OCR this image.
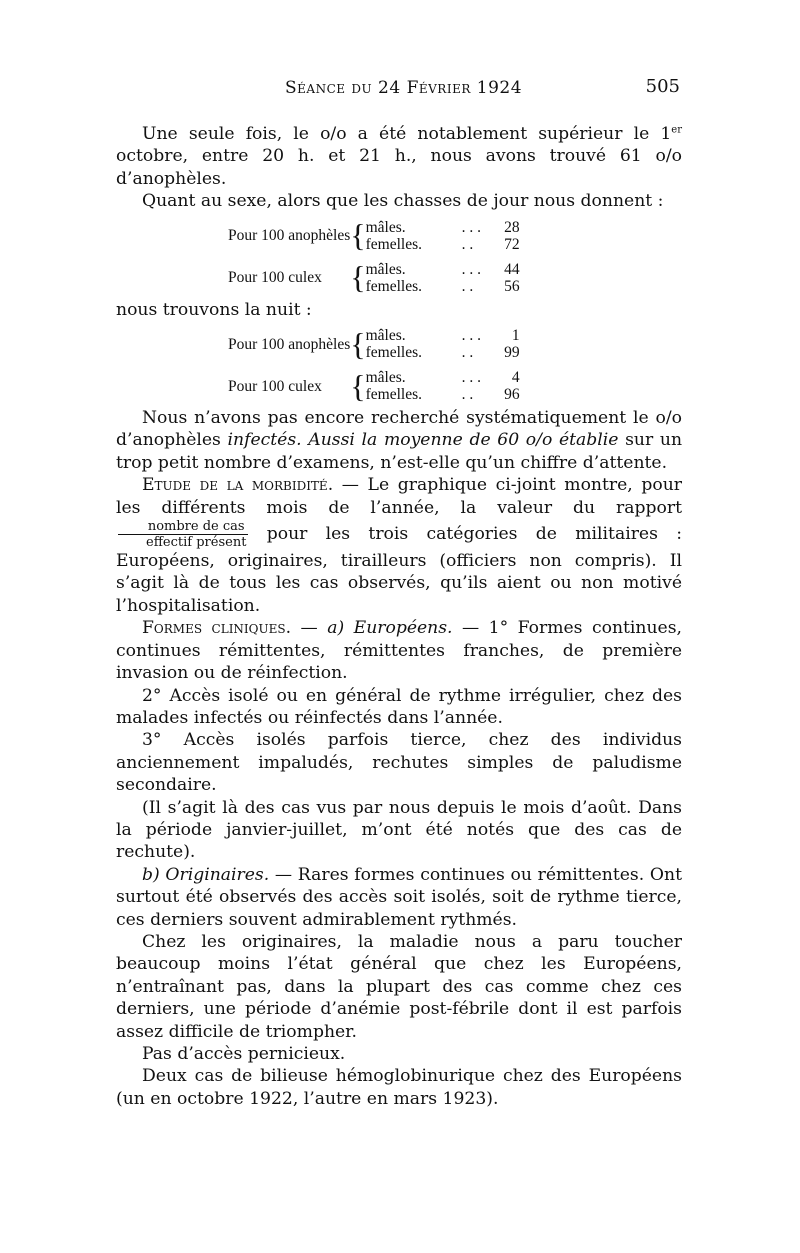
Séance du 24 Février 1924	505

Une seule fois, le o/o a été notablement supérieur le 1er octobre, entre 20 h. et 21 h., nous avons trouvé 61 o/o d’anophèles.

Quant au sexe, alors que les chasses de jour nous donnent :

Pour 100 anophèles	{	mâles.	. . .	28
		femelles.	. .	72

Pour 100 culex	{	mâles.	. . .	44
		femelles.	. .	56

nous trouvons la nuit :

Pour 100 anophèles	{	mâles.	. . .	1
		femelles.	. .	99

Pour 100 culex	{	mâles.	. . .	4
		femelles.	. .	96

Nous n’avons pas encore recherché systématiquement le o/o d’anophèles infectés. Aussi la moyenne de 60 o/o établie sur un trop petit nombre d’examens, n’est-elle qu’un chiffre d’attente.

Etude de la morbidité. — Le graphique ci-joint montre, pour les différents mois de l’année, la valeur du rapport
$\frac{\text{nombre de cas}}{\text{effectif présent}}$ pour les trois catégories de militaires : Européens, originaires, tirailleurs (officiers non compris). Il s’agit là de tous les cas observés, qu’ils aient ou non motivé l’hospitalisation.

Formes cliniques. — a) Européens. — 1° Formes continues, continues rémittentes, rémittentes franches, de première invasion ou de réinfection.

2° Accès isolé ou en général de rythme irrégulier, chez des malades infectés ou réinfectés dans l’année.

3° Accès isolés parfois tierce, chez des individus anciennement impaludés, rechutes simples de paludisme secondaire.

(Il s’agit là des cas vus par nous depuis le mois d’août. Dans la période janvier-juillet, m’ont été notés que des cas de rechute).

b) Originaires. — Rares formes continues ou rémittentes. Ont surtout été observés des accès soit isolés, soit de rythme tierce, ces derniers souvent admirablement rythmés.

Chez les originaires, la maladie nous a paru toucher beaucoup moins l’état général que chez les Européens, n’entraînant pas, dans la plupart des cas comme chez ces derniers, une période d’anémie post-fébrile dont il est parfois assez difficile de triompher.

Pas d’accès pernicieux.

Deux cas de bilieuse hémoglobinurique chez des Européens (un en octobre 1922, l’autre en mars 1923).
